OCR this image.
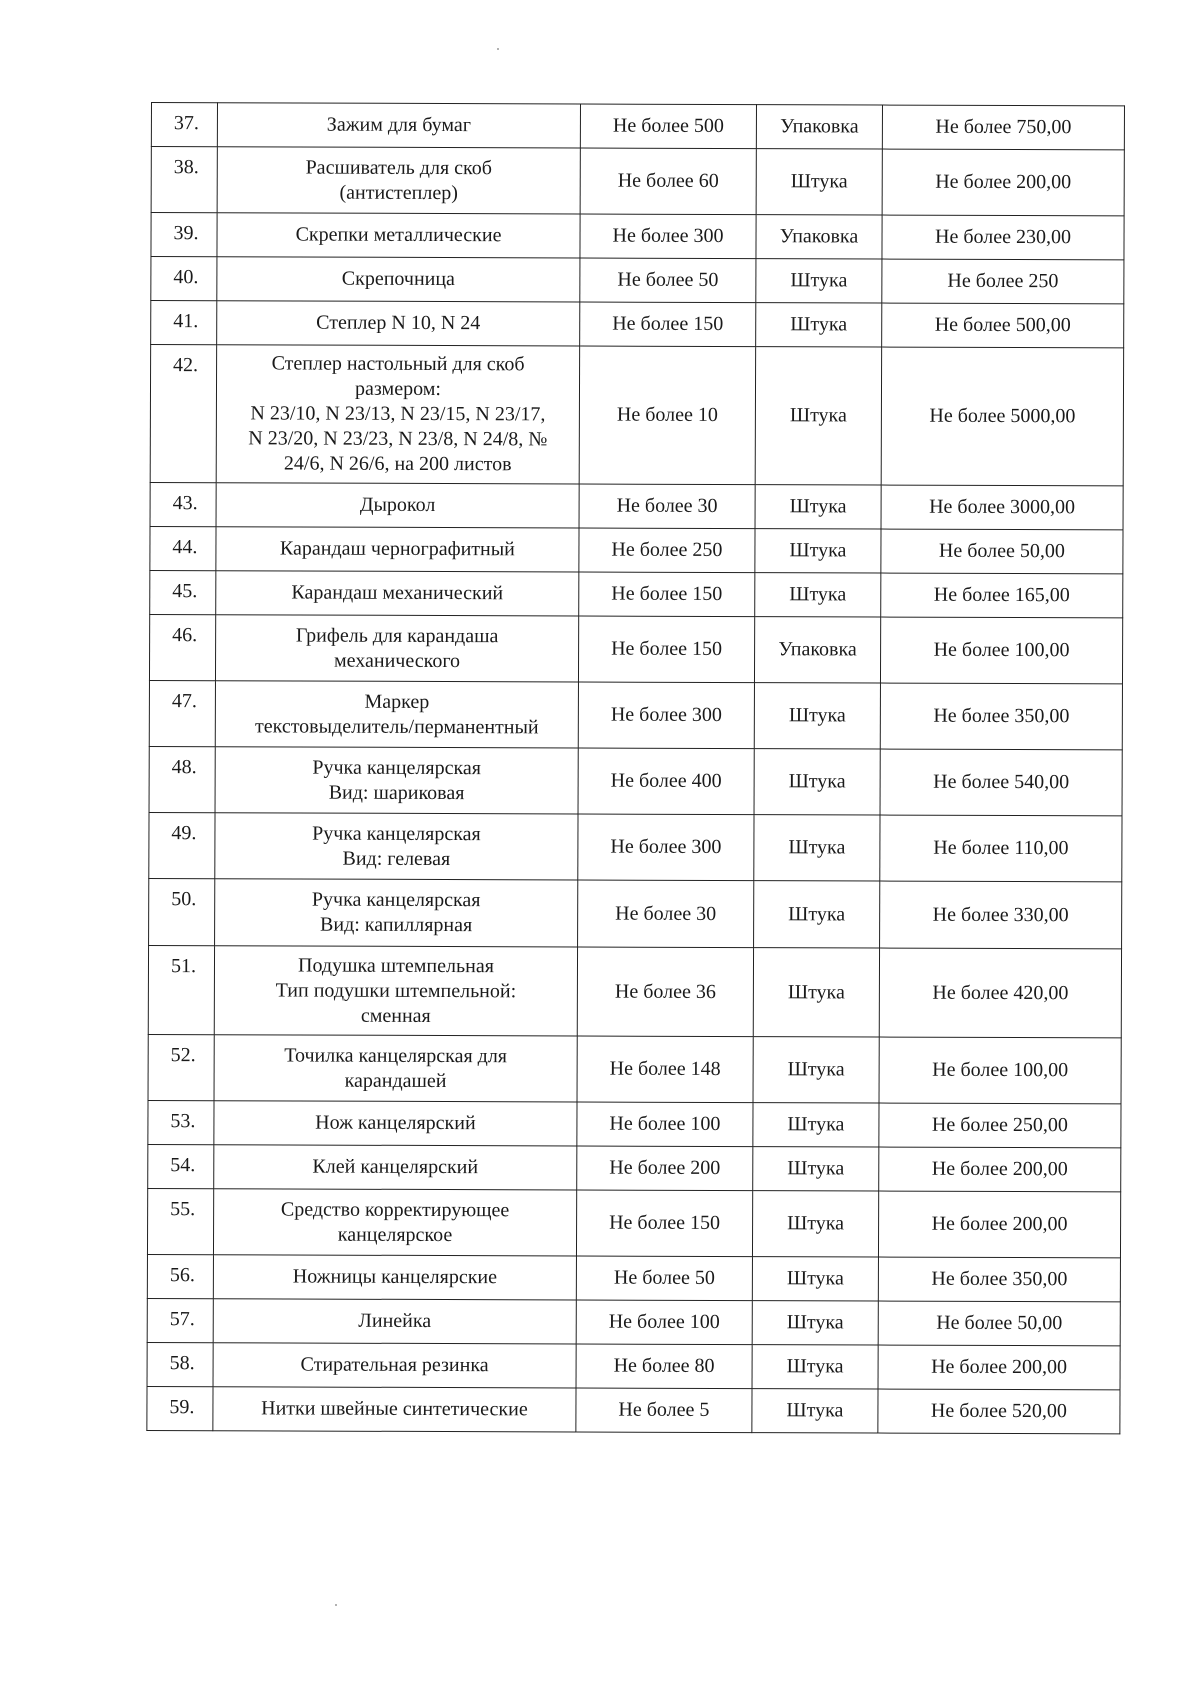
37.	Зажим для бумаг	Не более 500	Упаковка	Не более 750,00
38.	Расшиватель для скоб
(антистеплер)	Не более 60	Штука	Не более 200,00
39.	Скрепки металлические	Не более 300	Упаковка	Не более 230,00
40.	Скрепочница	Не более 50	Штука	Не более 250
41.	Степлер N 10, N 24	Не более 150	Штука	Не более 500,00
42.	Степлер настольный для скоб
размером:
N 23/10, N 23/13, N 23/15, N 23/17,
N 23/20, N 23/23, N 23/8, N 24/8, №
24/6, N 26/6, на 200 листов	Не более 10	Штука	Не более 5000,00
43.	Дырокол	Не более 30	Штука	Не более 3000,00
44.	Карандаш чернографитный	Не более 250	Штука	Не более 50,00
45.	Карандаш механический	Не более 150	Штука	Не более 165,00
46.	Грифель для карандаша
механического	Не более 150	Упаковка	Не более 100,00
47.	Маркер
текстовыделитель/перманентный	Не более 300	Штука	Не более 350,00
48.	Ручка канцелярская
Вид: шариковая	Не более 400	Штука	Не более 540,00
49.	Ручка канцелярская
Вид: гелевая	Не более 300	Штука	Не более 110,00
50.	Ручка канцелярская
Вид: капиллярная	Не более 30	Штука	Не более 330,00
51.	Подушка штемпельная
Тип подушки штемпельной:
сменная	Не более 36	Штука	Не более 420,00
52.	Точилка канцелярская для
карандашей	Не более 148	Штука	Не более 100,00
53.	Нож канцелярский	Не более 100	Штука	Не более 250,00
54.	Клей канцелярский	Не более 200	Штука	Не более 200,00
55.	Средство корректирующее
канцелярское	Не более 150	Штука	Не более 200,00
56.	Ножницы канцелярские	Не более 50	Штука	Не более 350,00
57.	Линейка	Не более 100	Штука	Не более 50,00
58.	Стирательная резинка	Не более 80	Штука	Не более 200,00
59.	Нитки швейные синтетические	Не более 5	Штука	Не более 520,00
